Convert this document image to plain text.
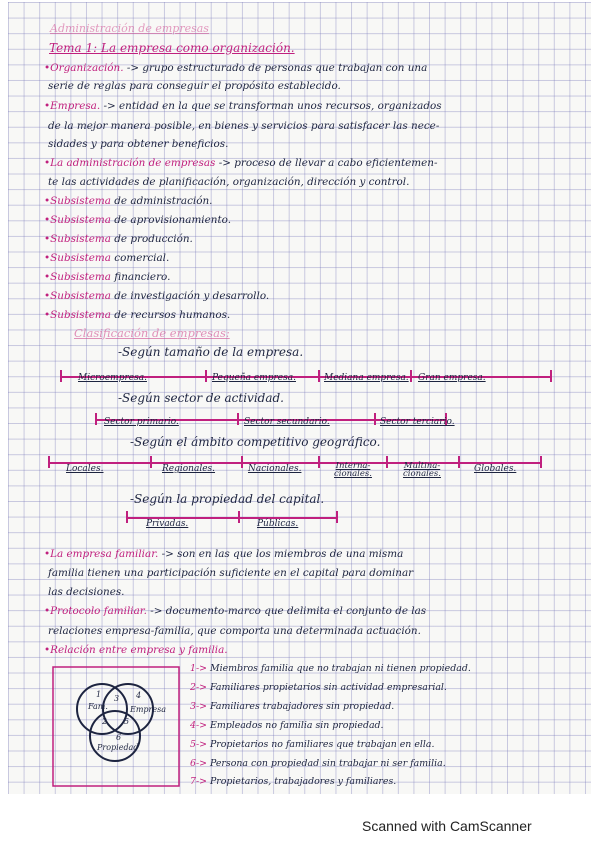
Administración de empresas
Tema 1: La empresa como organización.
•Organización. -> grupo estructurado de personas que trabajan con una
serie de reglas para conseguir el propósito establecido.
•Empresa. -> entidad en la que se transforman unos recursos, organizados
de la mejor manera posible, en bienes y servicios para satisfacer las nece-
sidades y para obtener beneficios.
•La administración de empresas -> proceso de llevar a cabo eficientemen-
te las actividades de planificación, organización, dirección y control.
•Subsistema de administración.
•Subsistema de aprovisionamiento.
•Subsistema de producción.
•Subsistema comercial.
•Subsistema financiero.
•Subsistema de investigación y desarrollo.
•Subsistema de recursos humanos.
Clasificación de empresas:
-Según tamaño de la empresa.
Microempresa.	Pequeña empresa.	Mediana empresa. Gran empresa.
-Según sector de actividad.
Sector primario.	Sector secundario.	Sector terciario.
-Según el ámbito competitivo geográfico.
Locales.	Regionales.	Nacionales.	Interna-
cionales.
Multina-
cionales.	Globales.
-Según la propiedad del capital.
Privadas.	Públicas.
•La empresa familiar. -> son en las que los miembros de una misma
familia tienen una participación suficiente en el capital para dominar
las decisiones.
•Protocolo familiar. -> documento-marco que delimita el conjunto de las
relaciones empresa-familia, que comporta una determinada actuación.
•Relación entre empresa y familia.
Fam.	Empresa
Propiedad
1
2
3 4
5
6
1-> Miembros familia que no trabajan ni tienen propiedad.
2-> Familiares propietarios sin actividad empresarial.
3-> Familiares trabajadores sin propiedad.
4-> Empleados no familia sin propiedad.
5-> Propietarios no familiares que trabajan en ella.
6-> Persona con propiedad sin trabajar ni ser familia.
7-> Propietarios, trabajadores y familiares.
Scanned with CamScanner
